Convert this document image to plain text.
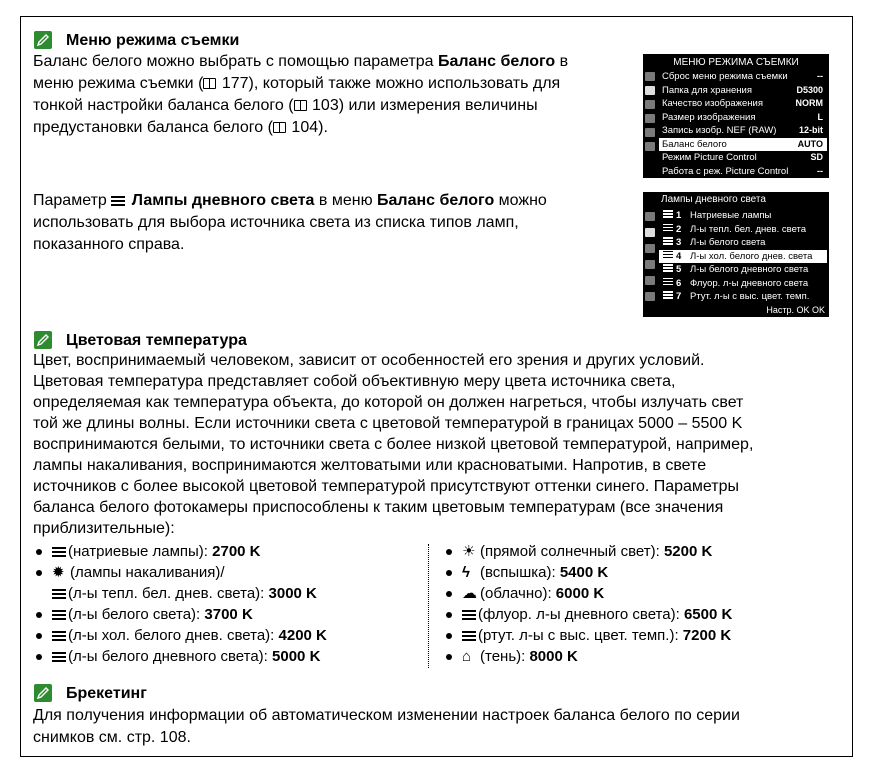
Меню режима съемки
Баланс белого можно выбрать с помощью параметра Баланс белого в
меню режима съемки ( 177), который также можно использовать для
тонкой настройки баланса белого ( 103) или измерения величины
предустановки баланса белого ( 104).
Параметр
Лампы дневного света в меню Баланс белого можно
использовать для выбора источника света из списка типов ламп,
показанного справа.
МЕНЮ РЕЖИМА СЪЕМКИ
Сброс меню режима съемки	--
Папка для хранения	D5300
Качество изображения	NORM
Размер изображения	L
Запись изобр. NEF (RAW)	12-bit
Баланс белого	AUTO
Режим Picture Control	SD
Работа с реж. Picture Control	--
Лампы дневного света
Настр. OK OK
1 Натриевые лампы
2 Л-ы тепл. бел. днев. света
3 Л-ы белого света
4 Л-ы хол. белого днев. света
5 Л-ы белого дневного света
6 Флуор. л-ы дневного света
7 Ртут. л-ы с выс. цвет. темп.
Цветовая температура
Цвет, воспринимаемый человеком, зависит от особенностей его зрения и других условий.
Цветовая температура представляет собой объективную меру цвета источника света,
определяемая как температура объекта, до которой он должен нагреться, чтобы излучать свет
той же длины волны. Если источники света с цветовой температурой в границах 5000 – 5500 K
воспринимаются белыми, то источники света с более низкой цветовой температурой, например,
лампы накаливания, воспринимаются желтоватыми или красноватыми. Напротив, в свете
источников с более высокой цветовой температурой присутствуют оттенки синего. Параметры
баланса белого фотокамеры приспособлены к таким цветовым температурам (все значения
приблизительные):
(натриевые лампы): 2700 K
✹ (лампы накаливания)/
(л-ы тепл. бел. днев. света): 3000 K
(л-ы белого света): 3700 K
(л-ы хол. белого днев. света): 4200 K
(л-ы белого дневного света): 5000 K
☀ (прямой солнечный свет): 5200 K
ϟ (вспышка): 5400 K
☁ (облачно): 6000 K
(флуор. л-ы дневного света): 6500 K
(ртут. л-ы с выс. цвет. темп.): 7200 K
⌂ (тень): 8000 K
Брекетинг
Для получения информации об автоматическом изменении настроек баланса белого по серии
снимков см. стр. 108.
